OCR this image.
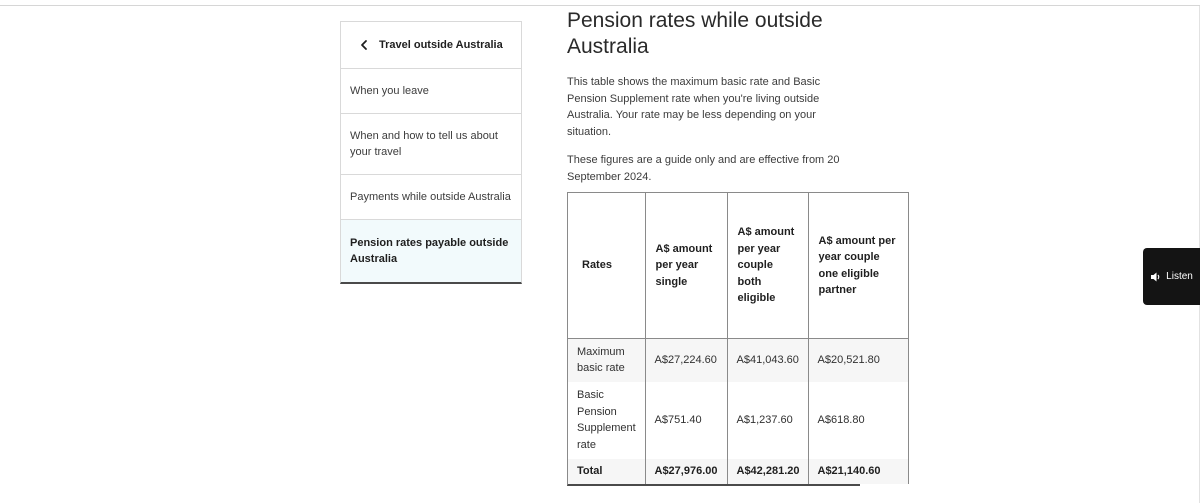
Travel outside Australia
When you leave
When and how to tell us about your travel
Payments while outside Australia
Pension rates payable outside Australia
Pension rates while outside Australia

This table shows the maximum basic rate and Basic Pension Supplement rate when you're living outside Australia. Your rate may be less depending on your situation.

These figures are a guide only and are effective from 20 September 2024.

Rates	A$ amount per year single	A$ amount per year couple both eligible	A$ amount per year couple one eligible partner
Maximum basic rate	A$27,224.60	A$41,043.60	A$20,521.80
Basic Pension Supplement rate	A$751.40	A$1,237.60	A$618.80
Total	A$27,976.00	A$42,281.20	A$21,140.60
Listen
